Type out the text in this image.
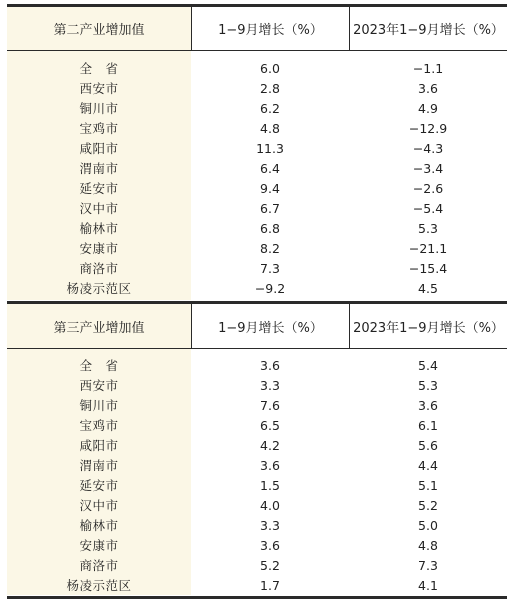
第二产业增加值	1−9月增长（%）	2023年1−9月增长（%）
全　省	6.0	−1.1
西安市	2.8	3.6
铜川市	6.2	4.9
宝鸡市	4.8	−12.9
咸阳市	11.3	−4.3
渭南市	6.4	−3.4
延安市	9.4	−2.6
汉中市	6.7	−5.4
榆林市	6.8	5.3
安康市	8.2	−21.1
商洛市	7.3	−15.4
杨凌示范区	−9.2	4.5
第三产业增加值	1−9月增长（%）	2023年1−9月增长（%）
全　省	3.6	5.4
西安市	3.3	5.3
铜川市	7.6	3.6
宝鸡市	6.5	6.1
咸阳市	4.2	5.6
渭南市	3.6	4.4
延安市	1.5	5.1
汉中市	4.0	5.2
榆林市	3.3	5.0
安康市	3.6	4.8
商洛市	5.2	7.3
杨凌示范区	1.7	4.1
